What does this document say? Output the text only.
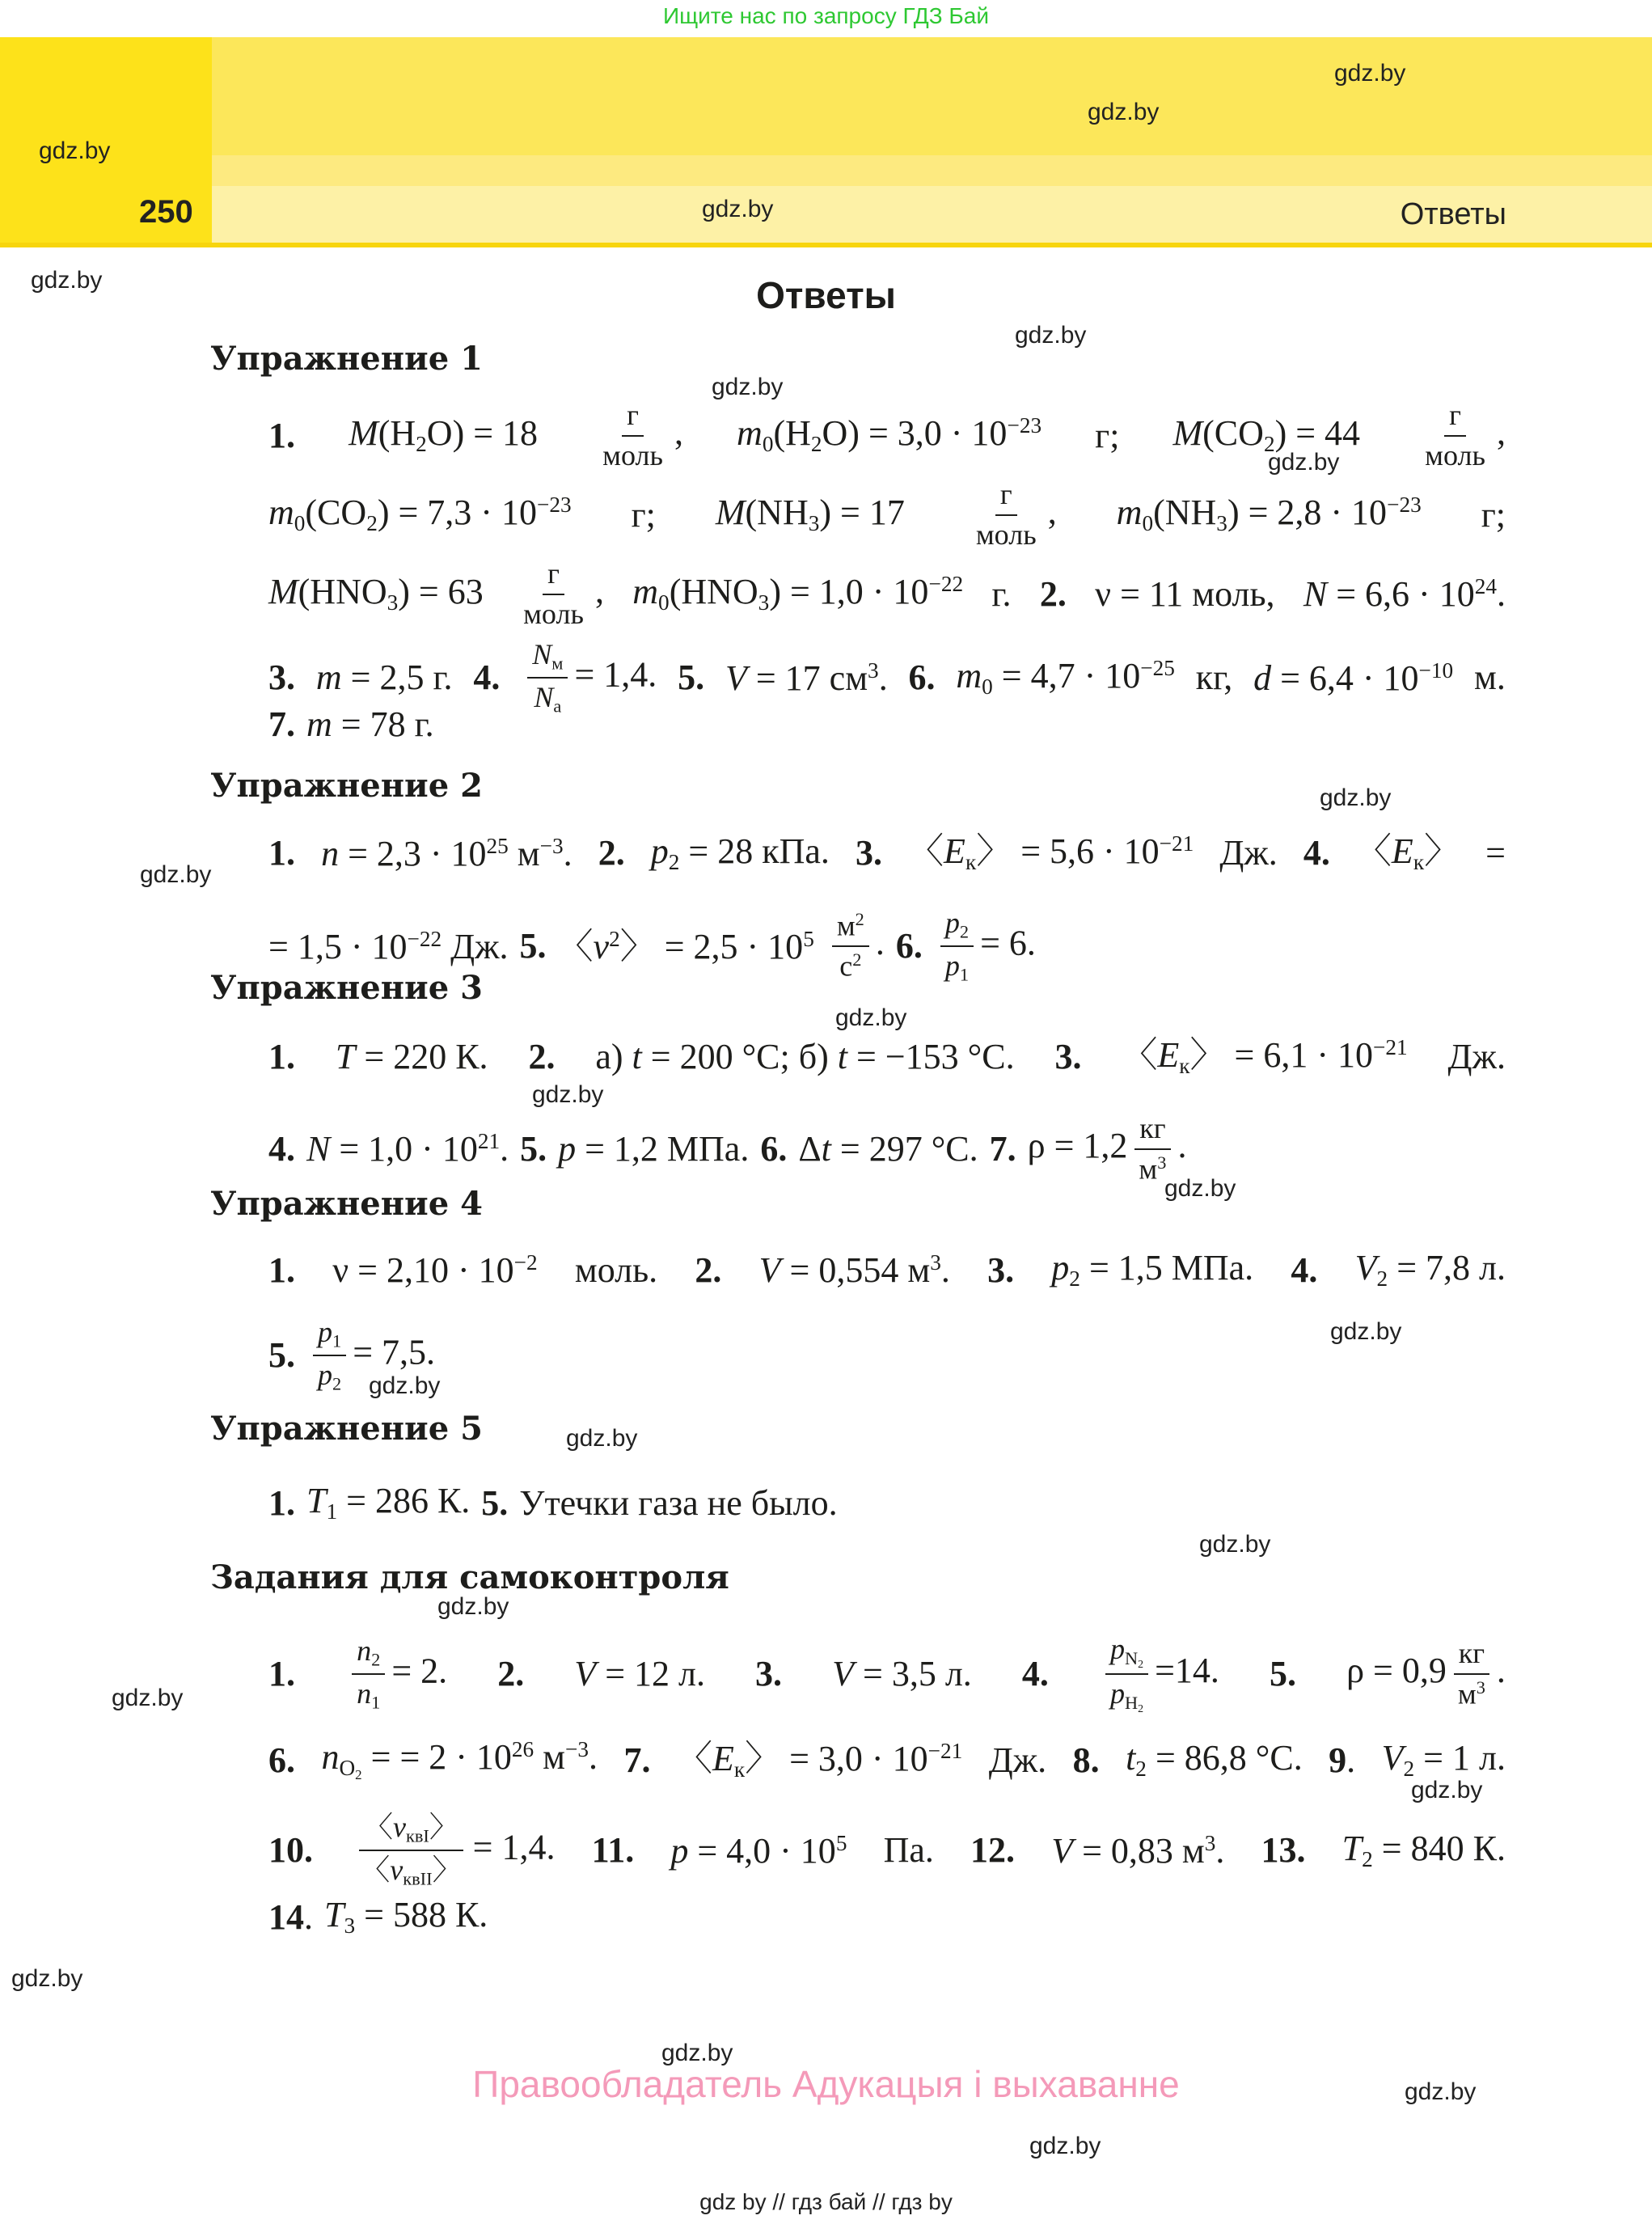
Ищите нас по запросу ГДЗ Бай
250	Ответы
gdz.by
gdz.by
gdz.by
gdz.by
gdz.by
gdz.by
gdz.by
gdz.by
gdz.by
gdz.by
gdz.by
gdz.by
gdz.by
gdz.by
gdz.by
gdz.by
gdz.by
gdz.by
gdz.by
gdz.by
gdz.by
gdz.by
gdz.by
gdz.by
Ответы
Упражнение 1
1. $M(H_2O) = 18 \frac{г}{\text{моль}}$ , $m_0(H_2O) = 3,0 \cdot 10^{-23}$ г; $M(CO_2) = 44 \frac{г}{\text{моль}}$ ,
$m_0(CO_2) = 7,3 \cdot 10^{-23}$ г; $M(NH_3) = 17 \frac{г}{\text{моль}}$ , $m_0(NH_3) = 2,8 \cdot 10^{-23}$ г;
$M(HNO_3) = 63 \frac{г}{\text{моль}}$ , $m_0(HNO_3) = 1,0 \cdot 10^{-22}$ г. 2. ν = 11 моль, $N = 6,6 \cdot 10^{24}$.
3. m = 2,5 г. 4. $\frac{N_м}{N_а} = 1,4$. 5. V = 17 $см^3$. 6. $m_0 = 4,7 \cdot 10^{-25}$ кг, $d = 6,4 \cdot 10^{-10}$ м.
7. m = 78 г.
Упражнение 2
1. $n = 2,3 \cdot 10^{25}$ $м^{-3}$. 2. $p_2 = 28$ кПа. 3. 〈$E_к$〉 = $5,6 \cdot 10^{-21}$ Дж. 4. 〈$E_к$〉 =
= $1,5 \cdot 10^{-22}$ Дж. 5. 〈$v^2$〉 = $2,5 \cdot 10^5 \frac{м^2}{с^2}$ . 6. $\frac{p_2}{p_1} = 6$.
Упражнение 3
1. T = 220 К. 2. а) t = 200 °С; б) t = −153 °С. 3. 〈$E_к$〉 = $6,1 \cdot 10^{-21}$ Дж.
4. $N = 1,0 \cdot 10^{21}$. 5. p = 1,2 МПа. 6. Δt = 297 °С. 7. $\rho = 1,2 \frac{кг}{м^3}$ .
Упражнение 4
1. $\nu = 2,10 \cdot 10^{-2}$ моль. 2. V = 0,554 $м^3$. 3. $p_2 = 1,5$ МПа. 4. $V_2 = 7,8$ л.
5. $\frac{p_1}{p_2} = 7,5$.
Упражнение 5
1. $T_1 = 286$ К. 5. Утечки газа не было.
Задания для самоконтроля
1. $\frac{n_2}{n_1} = 2$. 2. V = 12 л. 3. V = 3,5 л. 4. $\frac{p_{N_2}}{p_{H_2}} =14$. 5. $\rho = 0,9 \frac{кг}{м^3}$ .
6. $n_{O_2}$ = = $2 \cdot 10^{26}$ $м^{-3}$. 7. 〈$E_к$〉 = $3,0 \cdot 10^{-21}$ Дж. 8. $t_2 = 86,8$ °С. 9. $V_2 = 1$ л.
10. $\frac{〈v_{квI}〉}{〈v_{квII}〉} = 1,4$. 11. $p = 4,0 \cdot 10^5$ Па. 12. V = 0,83 $м^3$. 13. $T_2 = 840$ К.
14. $T_3 = 588$ К.
Правообладатель Адукацыя і выхаванне
gdz by // гдз бай // гдз by
